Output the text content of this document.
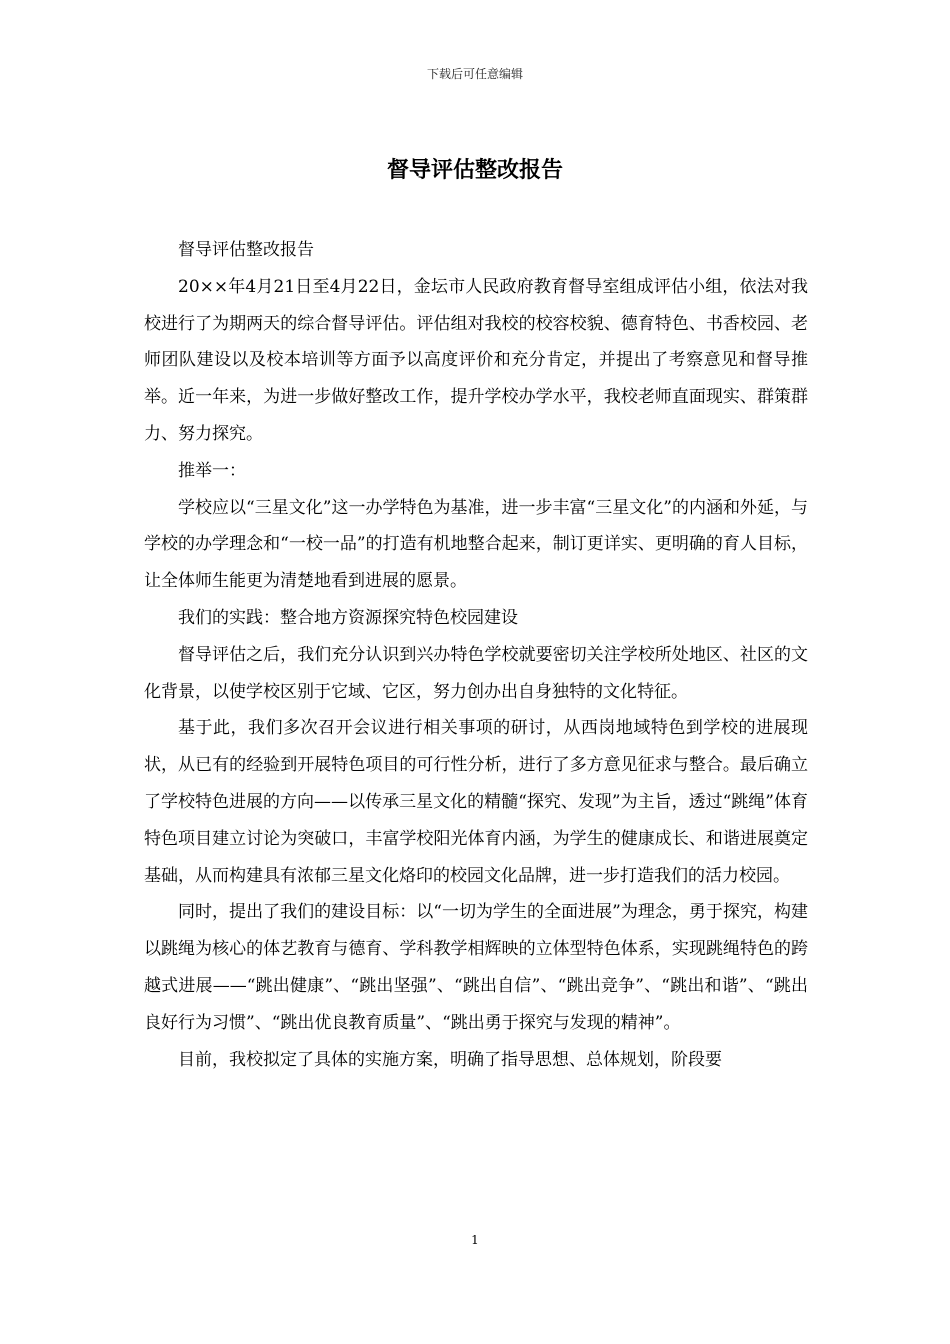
下载后可任意编辑
督导评估整改报告

督导评估整改报告

20××年4月21日至4月22日，金坛市人民政府教育督导室组成评估小组，依法对我校进行了为期两天的综合督导评估。评估组对我校的校容校貌、德育特色、书香校园、老师团队建设以及校本培训等方面予以高度评价和充分肯定，并提出了考察意见和督导推举。近一年来，为进一步做好整改工作，提升学校办学水平，我校老师直面现实、群策群力、努力探究。

推举一：

学校应以“三星文化”这一办学特色为基准，进一步丰富“三星文化”的内涵和外延，与学校的办学理念和“一校一品”的打造有机地整合起来，制订更详实、更明确的育人目标，让全体师生能更为清楚地看到进展的愿景。

我们的实践：整合地方资源探究特色校园建设

督导评估之后，我们充分认识到兴办特色学校就要密切关注学校所处地区、社区的文化背景，以使学校区别于它域、它区，努力创办出自身独特的文化特征。

基于此，我们多次召开会议进行相关事项的研讨，从西岗地域特色到学校的进展现状，从已有的经验到开展特色项目的可行性分析，进行了多方意见征求与整合。最后确立了学校特色进展的方向——以传承三星文化的精髓“探究、发现”为主旨，透过“跳绳”体育特色项目建立讨论为突破口，丰富学校阳光体育内涵，为学生的健康成长、和谐进展奠定基础，从而构建具有浓郁三星文化烙印的校园文化品牌，进一步打造我们的活力校园。

同时，提出了我们的建设目标：以“一切为学生的全面进展”为理念，勇于探究，构建以跳绳为核心的体艺教育与德育、学科教学相辉映的立体型特色体系，实现跳绳特色的跨越式进展——“跳出健康”、“跳出坚强”、“跳出自信”、“跳出竞争”、“跳出和谐”、“跳出良好行为习惯”、“跳出优良教育质量”、“跳出勇于探究与发现的精神”。

目前，我校拟定了具体的实施方案，明确了指导思想、总体规划，阶段要

1
